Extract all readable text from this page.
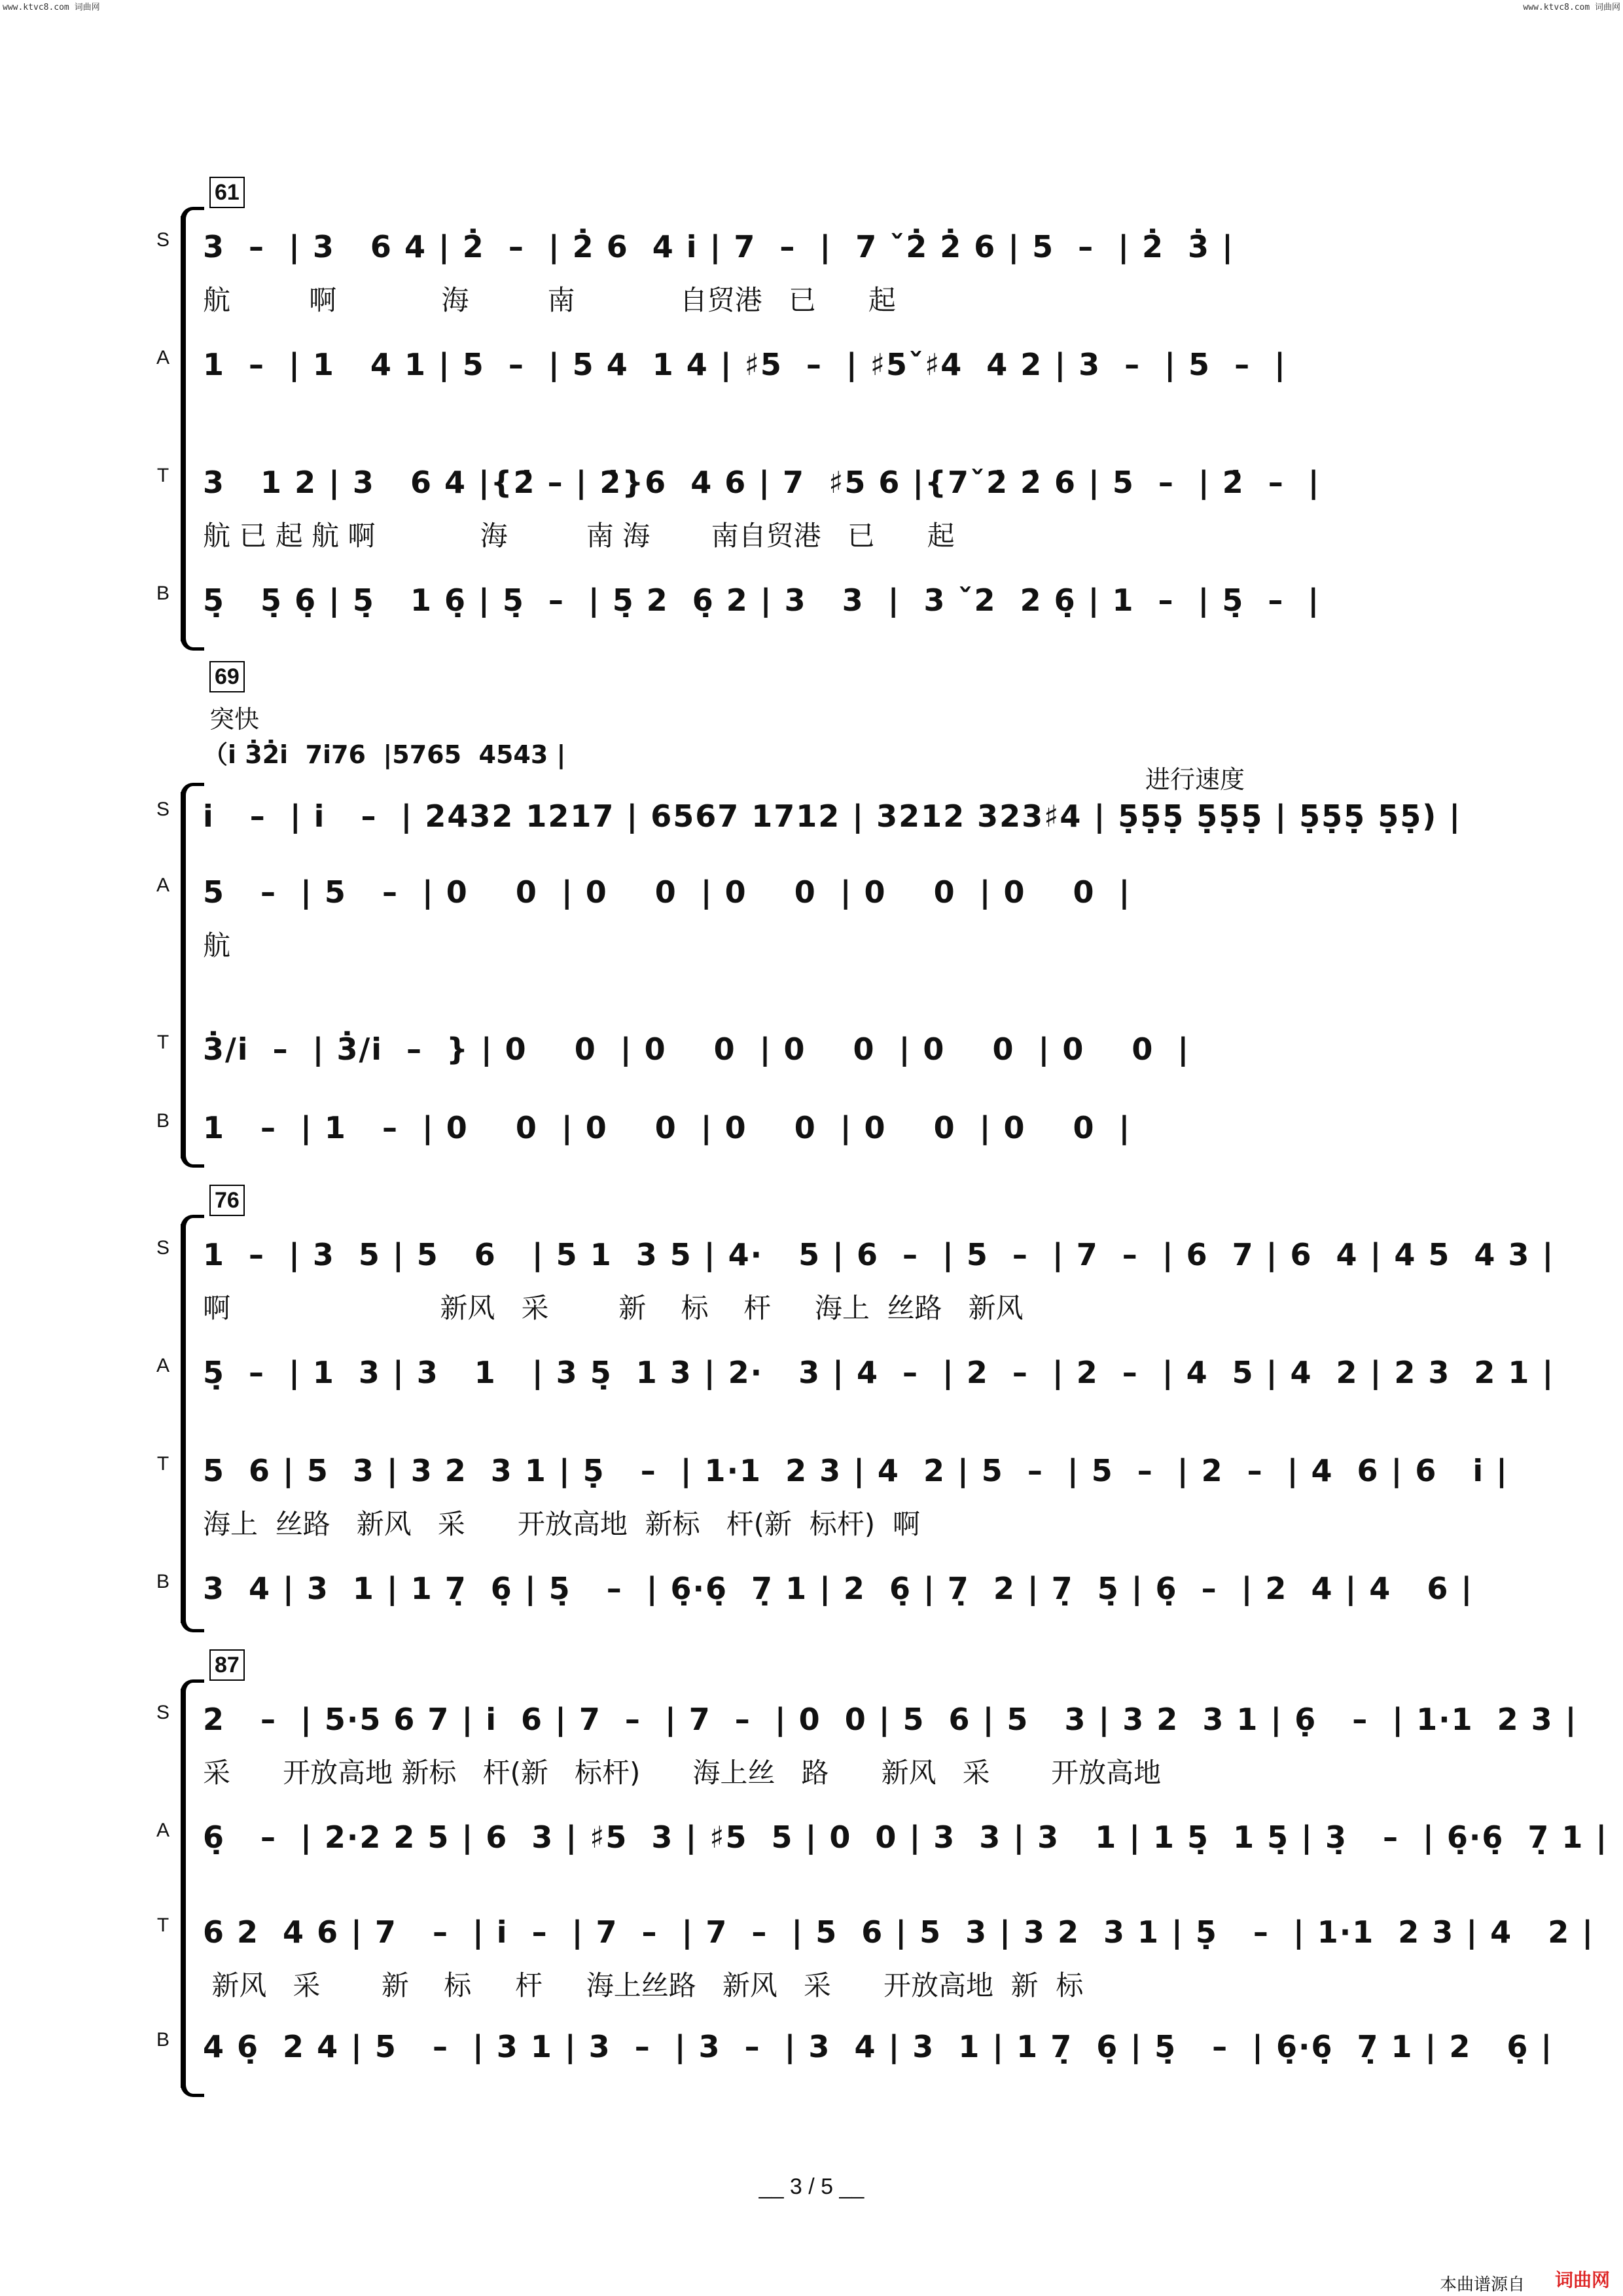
www.ktvc8.com 词曲网	www.ktvc8.com 词曲网
61
S 3  –  | 3   6 4 | 2̇  –  | 2̇ 6  4 i̇ | 7  –  |  7 ˇ2̇ 2̇ 6 | 5  –  | 2̇  3̇ |
航         啊            海         南            自贸港   已      起
A 1  –  | 1   4 1 | 5  –  | 5 4  1 4 | ♯5  –  | ♯5ˇ♯4  4 2 | 3  –  | 5  –  |
T 3   1 2 | 3   6 4 |{2̇ – | 2̇}6  4 6 | 7  ♯5 6 |{7ˇ2̇ 2̇ 6 | 5  –  | 2̇  –  |
航 已 起 航 啊            海         南 海       南自贸港   已      起
B 5̣   5̣ 6̣ | 5̣   1 6̣ | 5̣  –  | 5̣ 2  6̣ 2 | 3   3  |  3 ˇ2  2 6̣ | 1  –  | 5̣  –  |
69
突快
（i̇ 3̇2̇i̇  7i̇76  |5765  4543 |
进行速度
S i̇   –  | i̇   –  | 2432 1217 | 6567 1712 | 3212 323♯4 | 5̣5̣5̣ 5̣5̣5̣ | 5̣5̣5̣ 5̣5̣) |
A 5   –  | 5   –  | 0    0  | 0    0  | 0    0  | 0    0  | 0    0  |
航
T 3̇/i̇  –  | 3̇/i̇  –  } | 0    0  | 0    0  | 0    0  | 0    0  | 0    0  |
B 1   –  | 1   –  | 0    0  | 0    0  | 0    0  | 0    0  | 0    0  |
76
S 1  –  | 3  5 | 5   6   | 5 1  3 5 | 4·   5 | 6  –  | 5  –  | 7  –  | 6  7 | 6  4 | 4 5  4 3 |
啊                        新风   采        新    标    杆     海上  丝路   新风
A 5̣  –  | 1  3 | 3   1   | 3 5̣  1 3 | 2·   3 | 4  –  | 2  –  | 2  –  | 4  5 | 4  2 | 2 3  2 1 |
T 5  6 | 5  3 | 3 2  3 1 | 5̣   –  | 1·1  2 3 | 4  2 | 5  –  | 5  –  | 2  –  | 4  6 | 6   i̇ |
海上  丝路   新风   采      开放高地  新标   杆(新  标杆)  啊
B 3  4 | 3  1 | 1 7̣  6̣ | 5̣   –  | 6̣·6̣  7̣ 1 | 2  6̣ | 7̣  2 | 7̣  5̣ | 6̣  –  | 2  4 | 4   6 |
87
S 2   –  | 5·5 6 7 | i̇  6 | 7  –  | 7  –  | 0  0 | 5  6 | 5   3 | 3 2  3 1 | 6̣   –  | 1·1  2 3 |
采      开放高地 新标   杆(新   标杆)      海上丝   路      新风   采       开放高地
A 6̣   –  | 2·2 2 5 | 6  3 | ♯5  3 | ♯5  5 | 0  0 | 3  3 | 3   1 | 1 5̣  1 5̣ | 3̣   –  | 6̣·6̣  7̣ 1 |
T 6 2  4 6 | 7   –  | i̇  –  | 7  –  | 7  –  | 5  6 | 5  3 | 3 2  3 1 | 5̣   –  | 1·1  2 3 | 4   2 |
新风   采       新    标     杆     海上丝路   新风   采      开放高地  新  标
B 4 6̣  2 4 | 5   –  | 3 1 | 3  –  | 3  –  | 3  4 | 3  1 | 1 7̣  6̣ | 5̣   –  | 6̣·6̣  7̣ 1 | 2   6̣ |
__ 3 / 5 __
本曲谱源自 词曲网
